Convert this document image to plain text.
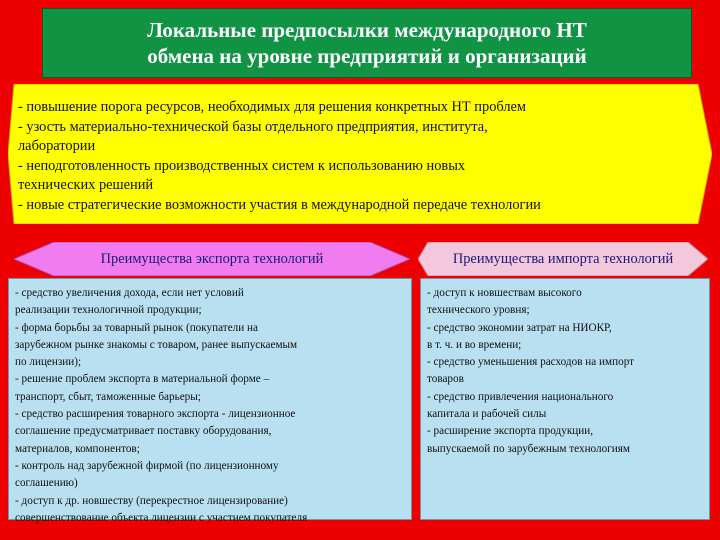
Локальные предпосылки международного НТ
обмена на уровне предприятий и организаций
- повышение порога ресурсов, необходимых для решения конкретных НТ проблем
- узость материально-технической базы отдельного предприятия, института,
лаборатории
- неподготовленность производственных систем к использованию новых
технических решений
- новые стратегические возможности участия в международной передаче технологии
Преимущества экспорта технологий	Преимущества импорта технологий
- средство увеличения дохода, если нет условий
реализации технологичной продукции;
- форма борьбы за товарный рынок (покупатели на
зарубежном рынке знакомы с товаром, ранее выпускаемым
по лицензии);
- решение проблем экспорта в материальной форме –
транспорт, сбыт, таможенные барьеры;
- средство расширения товарного экспорта - лицензионное
соглашение предусматривает поставку оборудования,
материалов, компонентов;
- контроль над зарубежной фирмой (по лицензионному
соглашению)
- доступ к др. новшеству (перекрестное лицензирование)
совершенствование объекта лицензии с участием покупателя
- доступ к новшествам высокого
технического уровня;
- средство экономии затрат на НИОКР,
в т. ч. и во времени;
- средство уменьшения расходов на импорт
товаров
- средство привлечения национального
капитала и рабочей силы
- расширение экспорта продукции,
выпускаемой по зарубежным технологиям
